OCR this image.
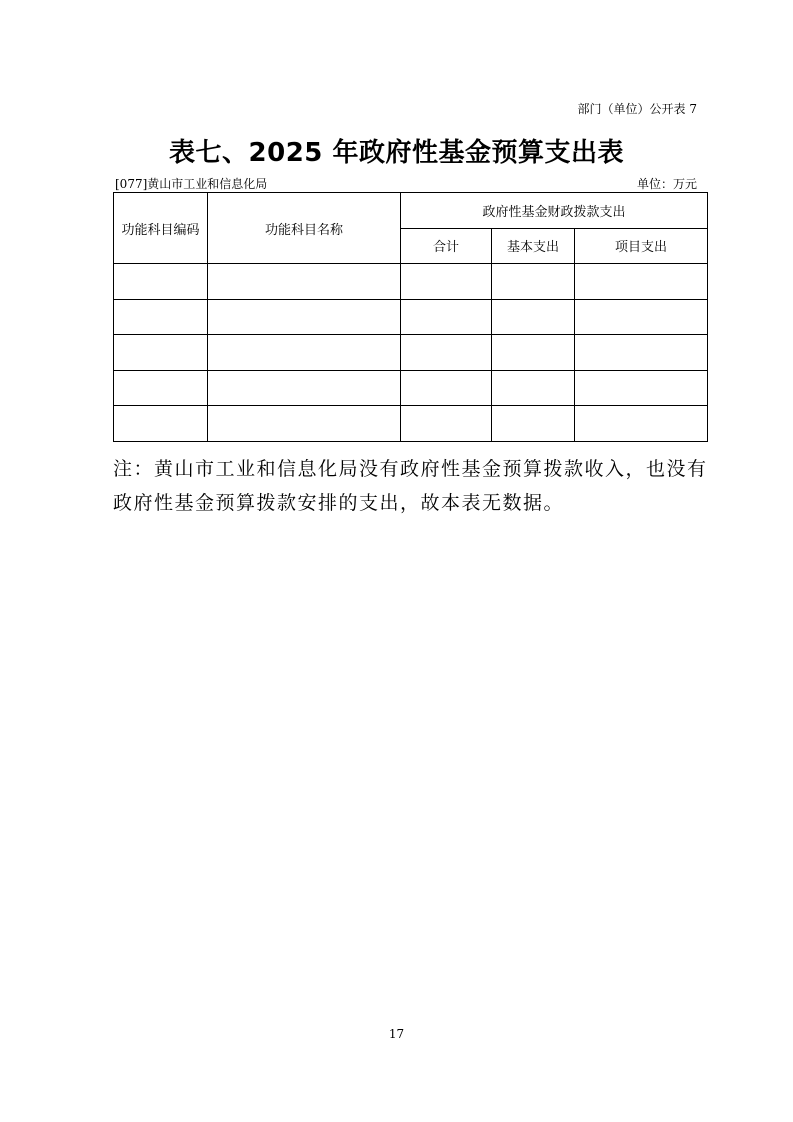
部门（单位）公开表 7
表七、2025 年政府性基金预算支出表
[077]黄山市工业和信息化局	单位：万元
功能科目编码	功能科目名称	政府性基金财政拨款支出		
		合计	基本支出	项目支出

注：黄山市工业和信息化局没有政府性基金预算拨款收入，也没有政府性基金预算拨款安排的支出，故本表无数据。
17
